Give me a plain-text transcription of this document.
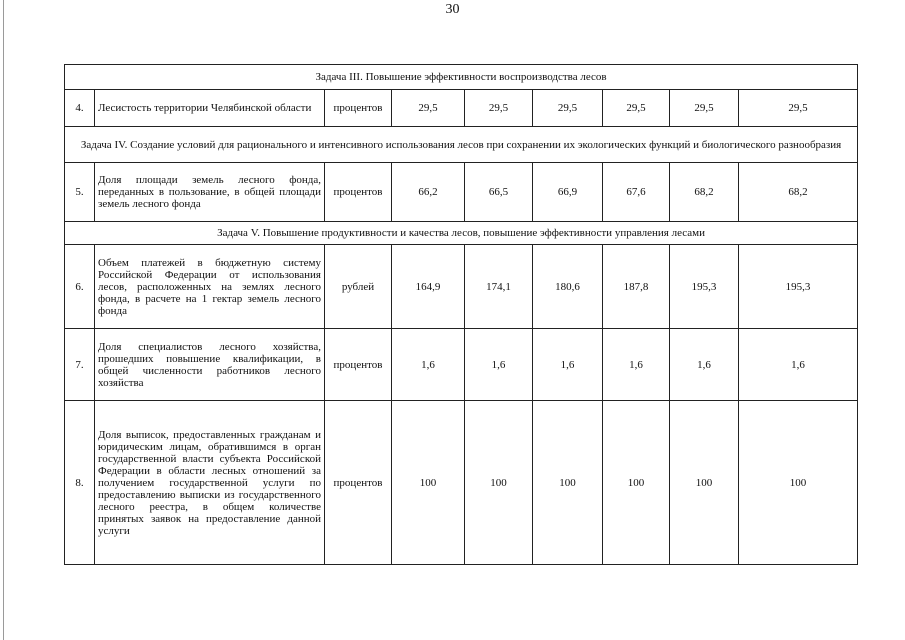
30
Задача III. Повышение эффективности воспроизводства лесов								
4.	Лесистость территории Челябинской области	процентов	29,5	29,5	29,5	29,5	29,5	29,5
Задача IV. Создание условий для рационального и интенсивного использования лесов при сохранении их экологических функций и биологического разнообразия								
5.	Доля площади земель лесного фонда, переданных в пользование, в общей площади земель лесного фонда	процентов	66,2	66,5	66,9	67,6	68,2	68,2
Задача V. Повышение продуктивности и качества лесов, повышение эффективности управления лесами								
6.	Объем платежей в бюджетную систему Российской Федерации от использования лесов, расположенных на землях лесного фонда, в расчете на 1 гектар земель лесного фонда	рублей	164,9	174,1	180,6	187,8	195,3	195,3
7.	Доля специалистов лесного хозяйства, прошедших повышение квалификации, в общей численности работников лесного хозяйства	процентов	1,6	1,6	1,6	1,6	1,6	1,6
8.	Доля выписок, предоставленных гражданам и юридическим лицам, обратившимся в орган государственной власти субъекта Российской Федерации в области лесных отношений за получением государственной услуги по предоставлению выписки из государственного лесного реестра, в общем количестве принятых заявок на предоставление данной услуги	процентов	100	100	100	100	100	100
